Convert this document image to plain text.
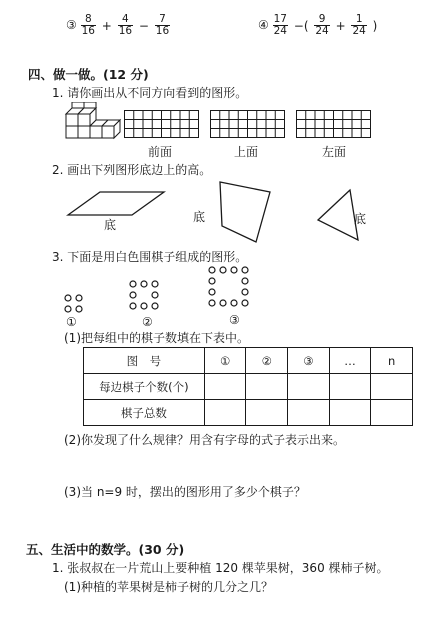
③ $\frac{8}{16} + \frac{4}{16} - \frac{7}{16}$	④ $\frac{17}{24}$ −( $\frac{9}{24} + \frac{1}{24}$ )
四、做一做。(12 分)
1. 请你画出从不同方向看到的图形。
前面	上面	左面
2. 画出下列图形底边上的高。
底
底	底
3. 下面是用白色围棋子组成的图形。
①	②	③
(1)把每组中的棋子数填在下表中。
图　号	①	②	③	…	n
每边棋子个数(个)					
棋子总数					
(2)你发现了什么规律？用含有字母的式子表示出来。
(3)当 n=9 时，摆出的图形用了多少个棋子？
五、生活中的数学。(30 分)
1. 张叔叔在一片荒山上要种植 120 棵苹果树，360 棵柿子树。
(1)种植的苹果树是柿子树的几分之几？
